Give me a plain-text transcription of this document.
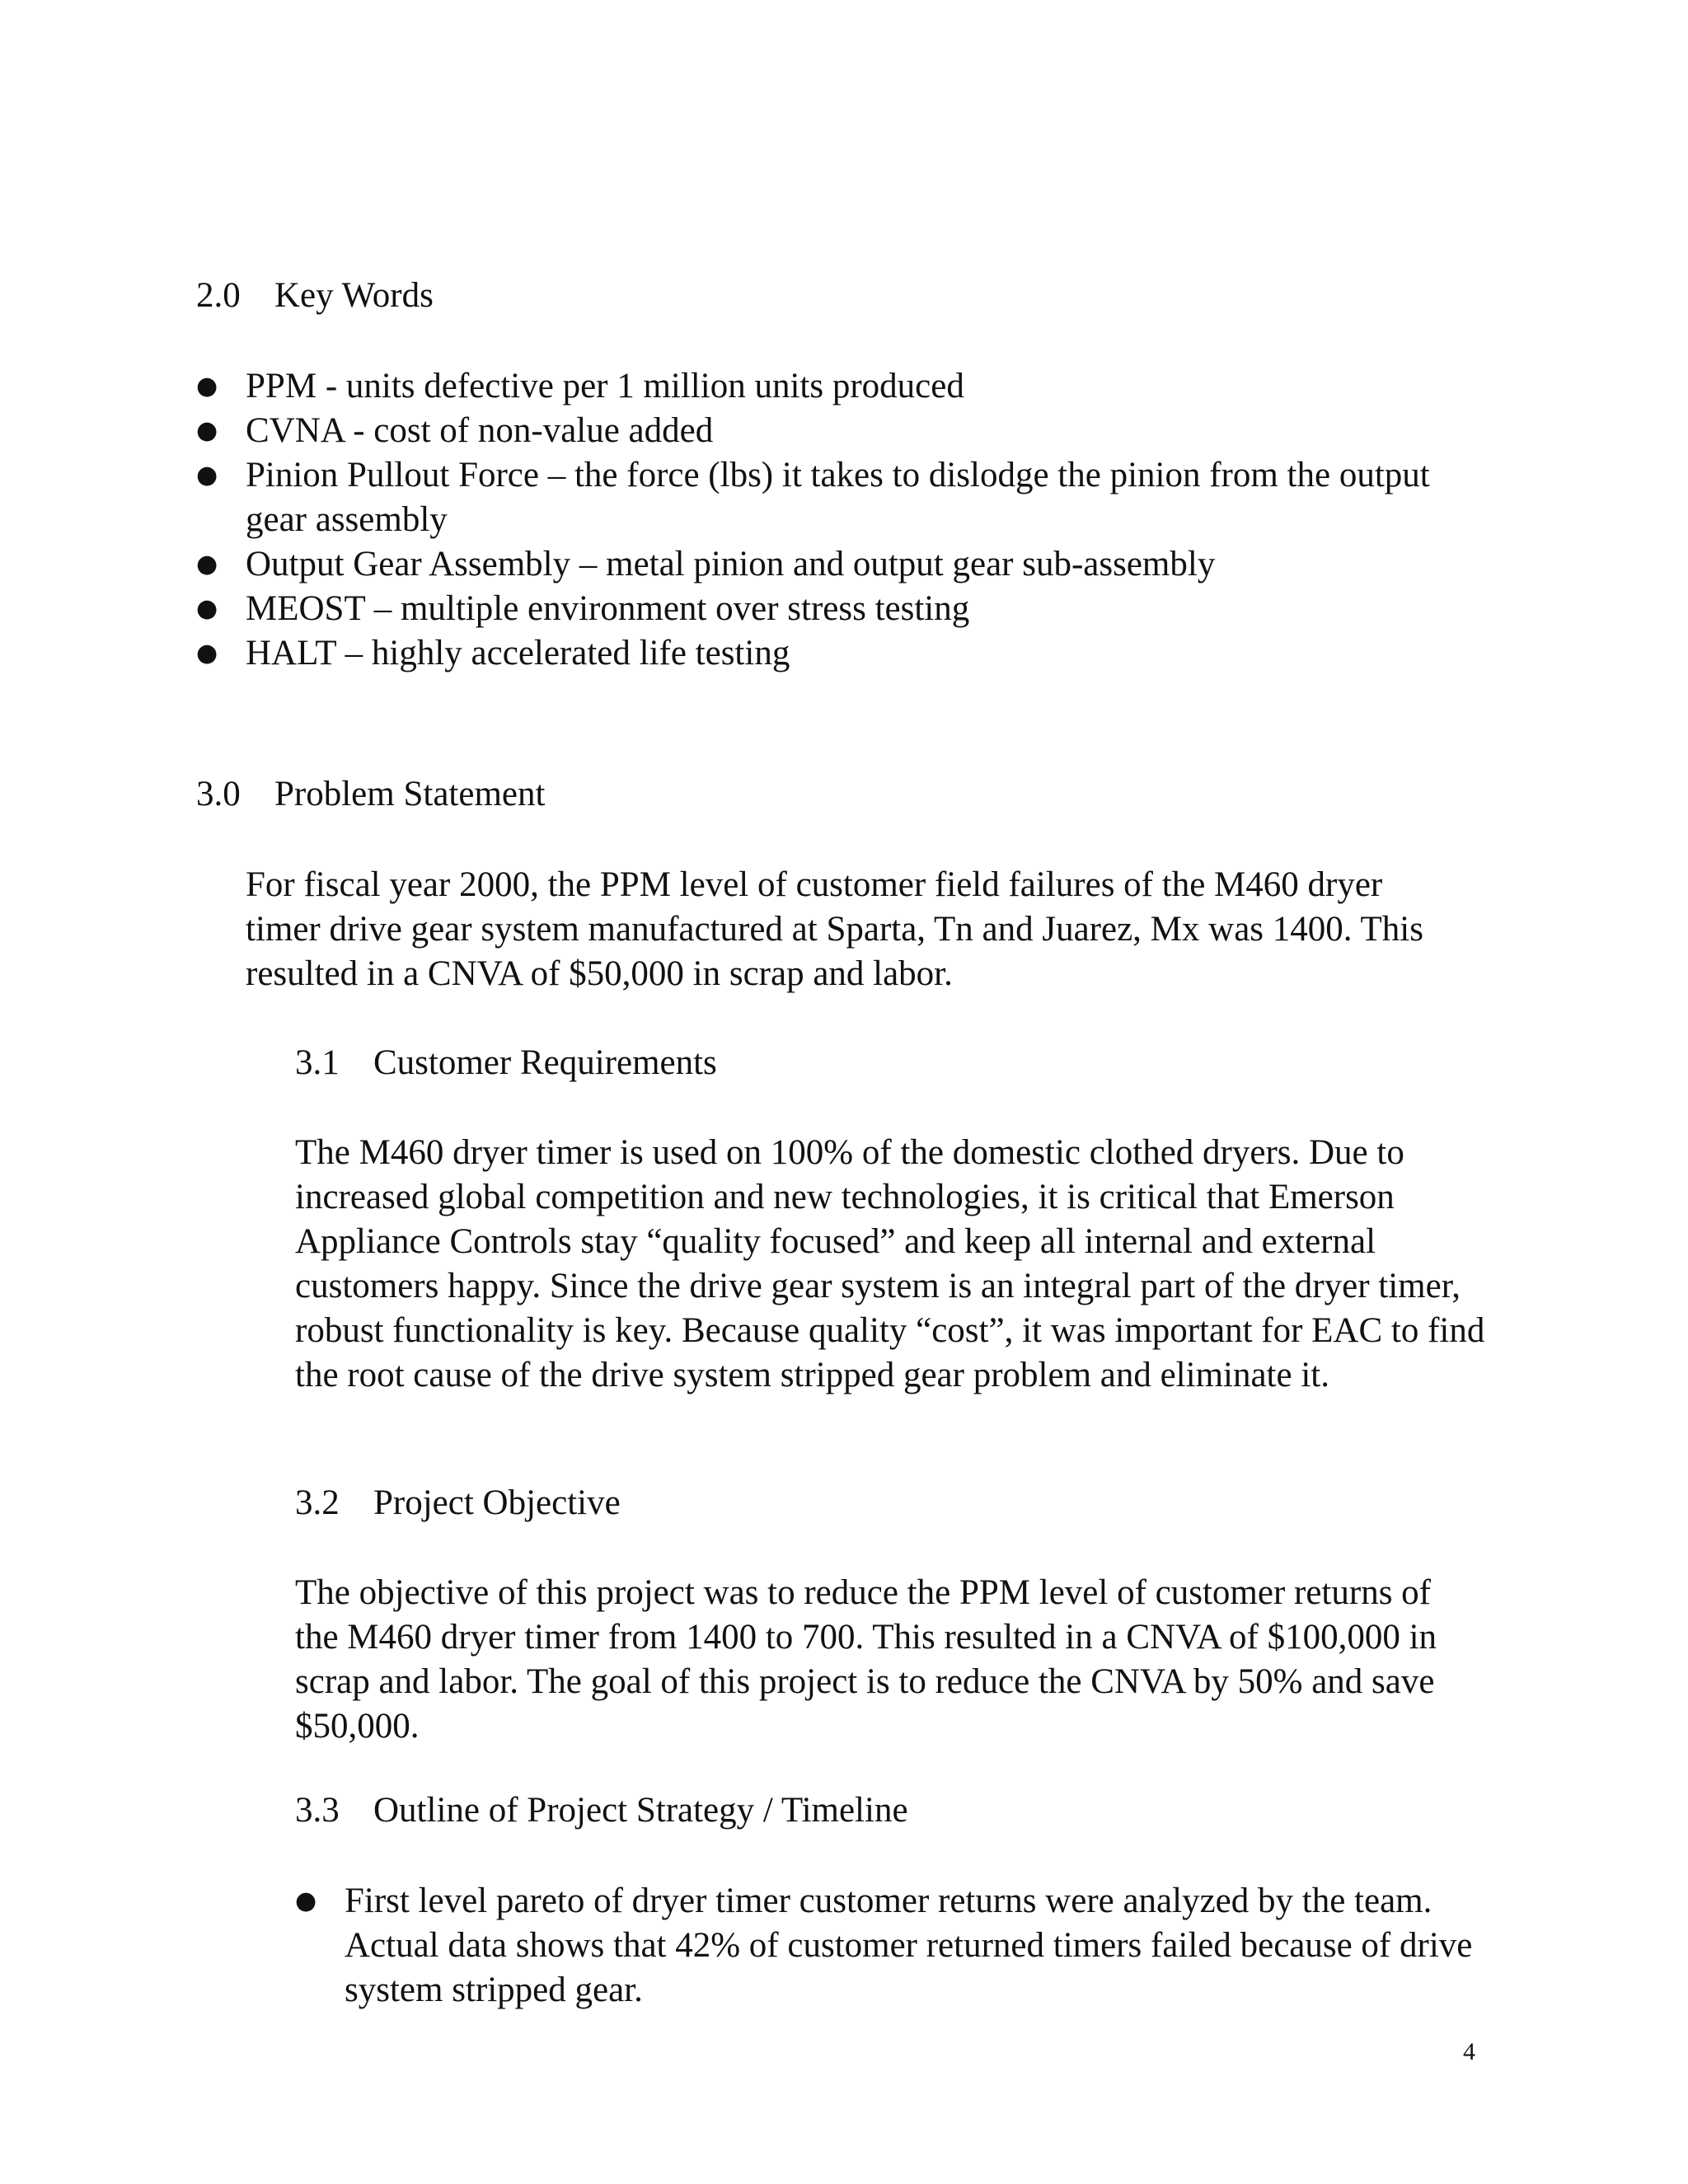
2.0 Key Words
● PPM - units defective per 1 million units produced
● CVNA - cost of non-value added
● Pinion Pullout Force – the force (lbs) it takes to dislodge the pinion from the output gear assembly
● Output Gear Assembly – metal pinion and output gear sub-assembly
● MEOST – multiple environment over stress testing
● HALT – highly accelerated life testing
3.0 Problem Statement

For fiscal year 2000, the PPM level of customer field failures of the M460 dryer timer drive gear system manufactured at Sparta, Tn and Juarez, Mx was 1400. This resulted in a CNVA of $50,000 in scrap and labor.

3.1 Customer Requirements

The M460 dryer timer is used on 100% of the domestic clothed dryers. Due to increased global competition and new technologies, it is critical that Emerson Appliance Controls stay “quality focused” and keep all internal and external customers happy. Since the drive gear system is an integral part of the dryer timer, robust functionality is key. Because quality “cost”, it was important for EAC to find the root cause of the drive system stripped gear problem and eliminate it.

3.2 Project Objective

The objective of this project was to reduce the PPM level of customer returns of the M460 dryer timer from 1400 to 700. This resulted in a CNVA of $100,000 in scrap and labor. The goal of this project is to reduce the CNVA by 50% and save $50,000.

3.3 Outline of Project Strategy / Timeline
● First level pareto of dryer timer customer returns were analyzed by the team. Actual data shows that 42% of customer returned timers failed because of drive system stripped gear.
4
